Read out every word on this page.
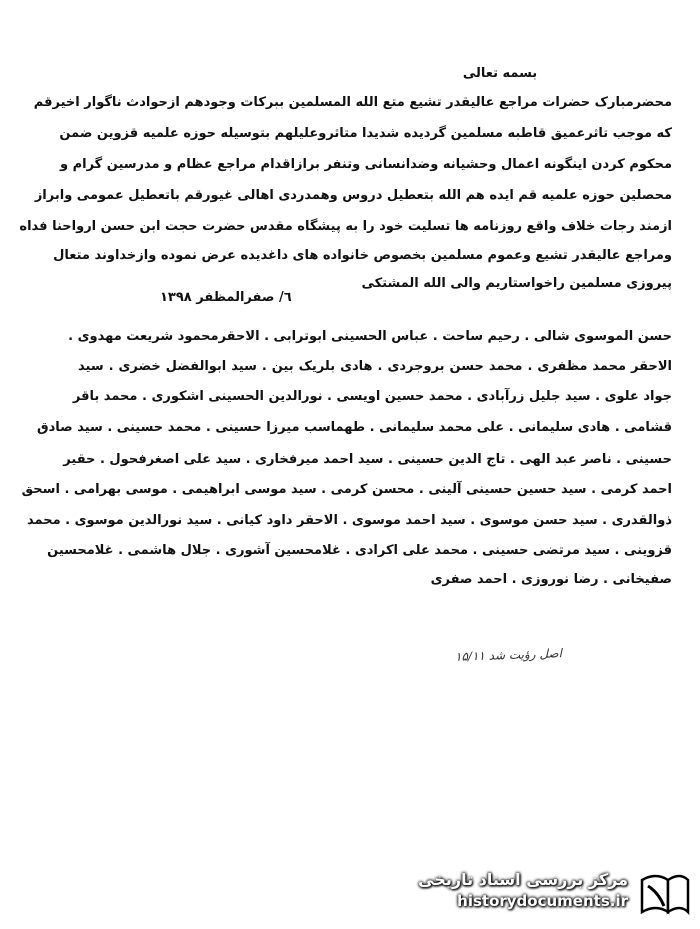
بسمه تعالی
محضرمبارک حضرات مراجع عالیقدر تشیع متع الله المسلمین ببرکات وجودهم ازحوادث ناگوار اخیرقم
که موجب تاثرعمیق قاطبه مسلمین گردیده شدیدا متاثروعلیلهم بتوسیله حوزه علمیه قزوین ضمن
محکوم کردن اینگونه اعمال وحشیانه وضدانسانی وتنفر برازاقدام مراجع عظام و مدرسین گرام و
محصلین حوزه علمیه قم ایده هم الله بتعطیل دروس وهمدردی اهالی غیورقم باتعطیل عمومی وابراز
ازمند رجات خلاف واقع روزنامه ها تسلیت خود را به پیشگاه مقدس حضرت حجت ابن حسن ارواحنا فداه
ومراجع عالیقدر تشیع وعموم مسلمین بخصوص خانواده های داغدیده عرض نموده وازخداوند متعال
پیروزی مسلمین راخواستاریم والی الله المشتکی
٦/ صفرالمظفر ١٣٩٨
حسن الموسوی شالی . رحیم ساحت . عباس الحسینی ابوترابی . الاحقرمحمود شریعت مهدوی .
الاحقر محمد مظفری . محمد حسن بروجردی . هادی بلریک بین . سید ابوالفضل خضری . سید
جواد علوی . سید جلیل زرآبادی . محمد حسین اویسی . نورالدین الحسینی اشکوری . محمد باقر
قشامی . هادی سلیمانی . علی محمد سلیمانی . طهماسب میرزا حسینی . محمد حسینی . سید صادق
حسینی . ناصر عبد الهی . تاج الدین حسینی . سید احمد میرفخاری . سید علی اصغرفحول . حقیر
احمد کرمی . سید حسین حسینی آلینی . محسن کرمی . سید موسی ابراهیمی . موسی بهرامی . اسحق
ذوالقدری . سید حسن موسوی . سید احمد موسوی . الاحقر داود کیانی . سید نورالدین موسوی . محمد
قزوینی . سید مرتضی حسینی . محمد علی اکرادی . غلامحسین آشوری . جلال هاشمی . غلامحسین
صفیخانی . رضا نوروزی . احمد صفری
اصل رؤیت شد ۱۵/۱۱
مرکز بررسی اسناد تاریخی
historydocuments.ir
